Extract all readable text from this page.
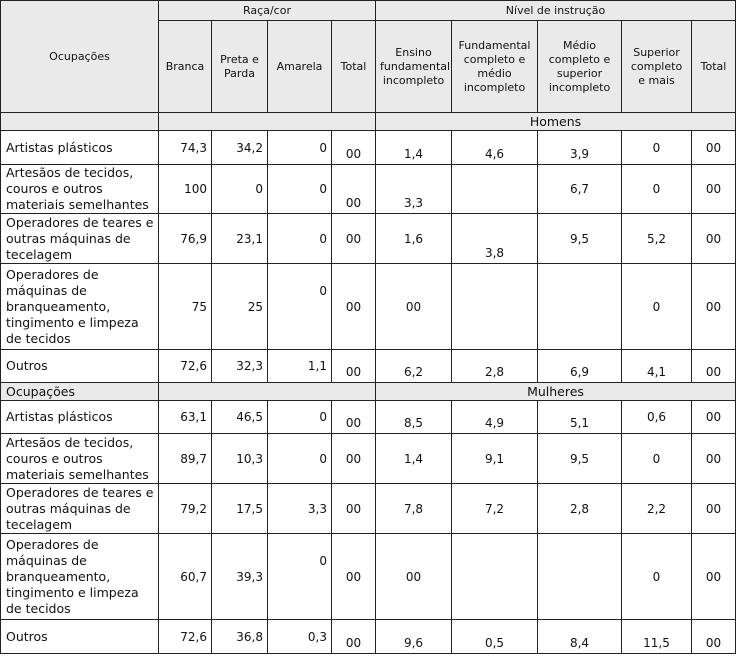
Ocupações	Raça/cor				Nível de instrução				
	Branca	Preta e Parda	Amarela	Total	Ensino fundamental incompleto	Fundamental completo e médio incompleto	Médio completo e superior incompleto	Superior completo e mais	Total
					Homens				
Artistas plásticos	74,3	34,2	0	00	1,4	4,6	3,9	0	00
Artesãos de tecidos, couros e outros materiais semelhantes	100	0	0	00	3,3		6,7	0	00
Operadores de teares e outras máquinas de tecelagem	76,9	23,1	0	00	1,6	3,8	9,5	5,2	00
Operadores de máquinas de branqueamento, tingimento e limpeza de tecidos	75	25	0	00	00			0	00
Outros	72,6	32,3	1,1	00	6,2	2,8	6,9	4,1	00
Ocupações					Mulheres				
Artistas plásticos	63,1	46,5	0	00	8,5	4,9	5,1	0,6	00
Artesãos de tecidos, couros e outros materiais semelhantes	89,7	10,3	0	00	1,4	9,1	9,5	0	00
Operadores de teares e outras máquinas de tecelagem	79,2	17,5	3,3	00	7,8	7,2	2,8	2,2	00
Operadores de máquinas de branqueamento, tingimento e limpeza de tecidos	60,7	39,3	0	00	00			0	00
Outros	72,6	36,8	0,3	00	9,6	0,5	8,4	11,5	00
